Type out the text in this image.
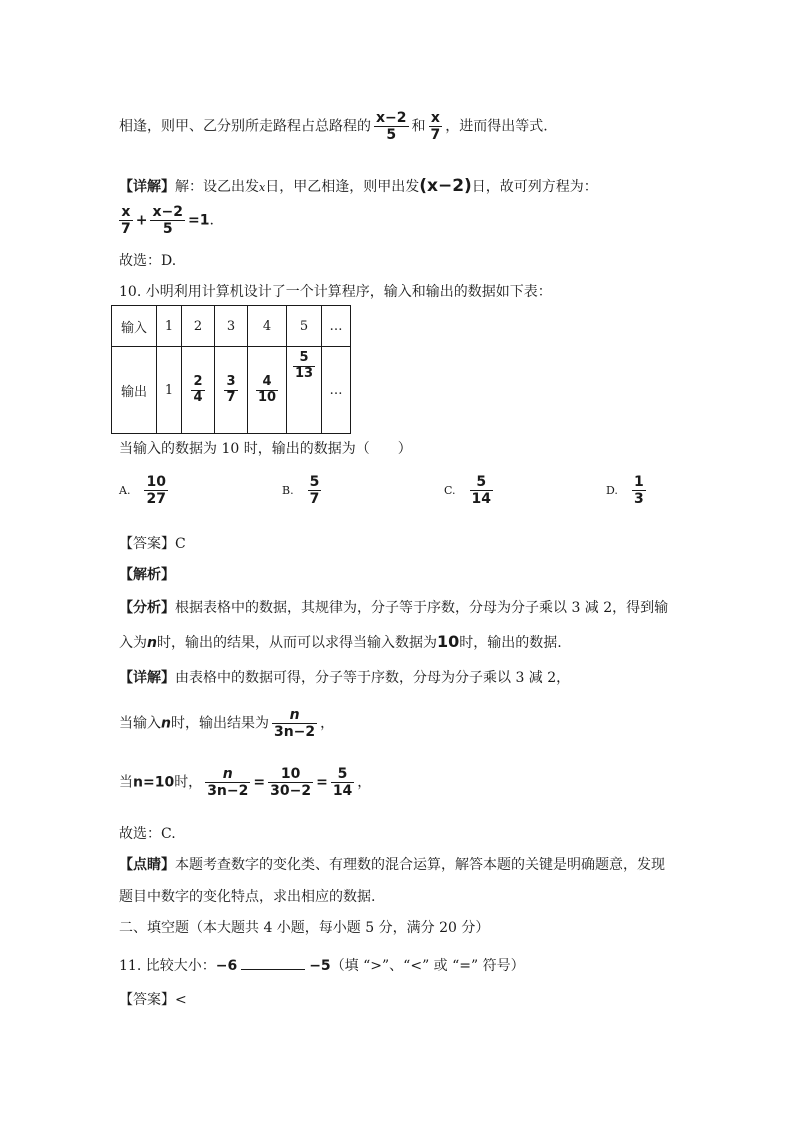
相逢，则甲、乙分别所走路程占总路程的 $\frac{x-2}{5}$ 和 $\frac{x}{7}$ ，进而得出等式.
【详解】解：设乙出发x日，甲乙相逢，则甲出发(x−2)日，故可列方程为：
$\frac{x}{7} + \frac{x-2}{5} =1$.
故选：D.
10. 小明利用计算机设计了一个计算程序，输入和输出的数据如下表：
输入	1	2	3	4	5	…
输出	1	$\frac{2}{4}$	$\frac{3}{7}$	$\frac{4}{10}$	$\frac{5}{13}$	…
当输入的数据为 10 时，输出的数据为（　　）
A. $\frac{10}{27}$	B. $\frac{5}{7}$	C. $\frac{5}{14}$	D. $\frac{1}{3}$
【答案】C
【解析】
【分析】根据表格中的数据，其规律为，分子等于序数，分母为分子乘以 3 减 2，得到输
入为n时，输出的结果，从而可以求得当输入数据为10时，输出的数据.
【详解】由表格中的数据可得，分子等于序数，分母为分子乘以 3 减 2，
当输入n时，输出结果为 $\frac{n}{3n-2}$ ，
当n=10时， $\frac{n}{3n-2} = \frac{10}{30-2} = \frac{5}{14}$ ，
故选：C.
【点睛】本题考查数字的变化类、有理数的混合运算，解答本题的关键是明确题意，发现
题目中数字的变化特点，求出相应的数据.
二、填空题（本大题共 4 小题，每小题 5 分，满分 20 分）
11. 比较大小：−6	−5（填 “>”、“<” 或 “=” 符号）
【答案】<
